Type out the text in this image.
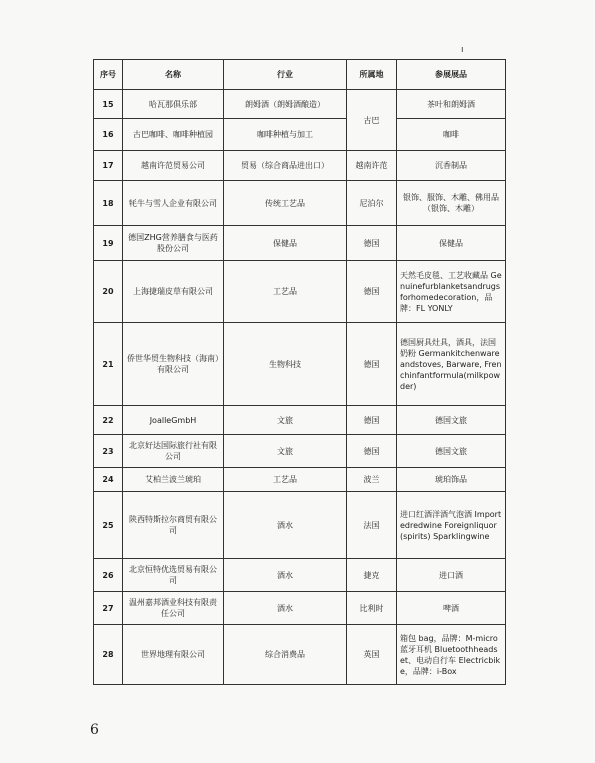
ı
序号	名称	行业	所属地	参展展品
15	哈瓦那俱乐部	朗姆酒（朗姆酒酿造）	古巴	茶叶和朗姆酒
16	古巴咖啡、咖啡种植园	咖啡种植与加工		咖啡
17	越南许范贸易公司	贸易（综合商品进出口）	越南许范	沉香制品
18	牦牛与雪人企业有限公司	传统工艺品	尼泊尔	银饰、服饰、木雕、佛用品（银饰、木雕）
19	德国ZHG营养膳食与医药股份公司	保健品	德国	保健品
20	上海捷瑞皮草有限公司	工艺品	德国	天然毛皮毯、工艺收藏品 Genuinefurblanketsandrugsforhomedecoration，品牌：FL YONLY
21	侨世华贸生物科技（海南）有限公司	生物科技	德国	德国厨具灶具，酒具，法国奶粉 Germankitchenwareandstoves, Barware, Frenchinfantformula(milkpowder)
22	JoalleGmbH	文旅	德国	德国文旅
23	北京好达国际旅行社有限公司	文旅	德国	德国文旅
24	艾柏兰波兰琥珀	工艺品	波兰	琥珀饰品
25	陕西特斯拉尔商贸有限公司	酒水	法国	进口红酒洋酒气泡酒 Importedredwine Foreignliquor(spirits) Sparklingwine
26	北京恒特优选贸易有限公司	酒水	捷克	进口酒
27	温州嘉邦酒业科技有限责任公司	酒水	比利时	啤酒
28	世界地理有限公司	综合消费品	英国	箱包 bag，品牌：M-micro 蓝牙耳机 Bluetoothheadset、电动自行车 Electricbike，品牌：i-Box
6
